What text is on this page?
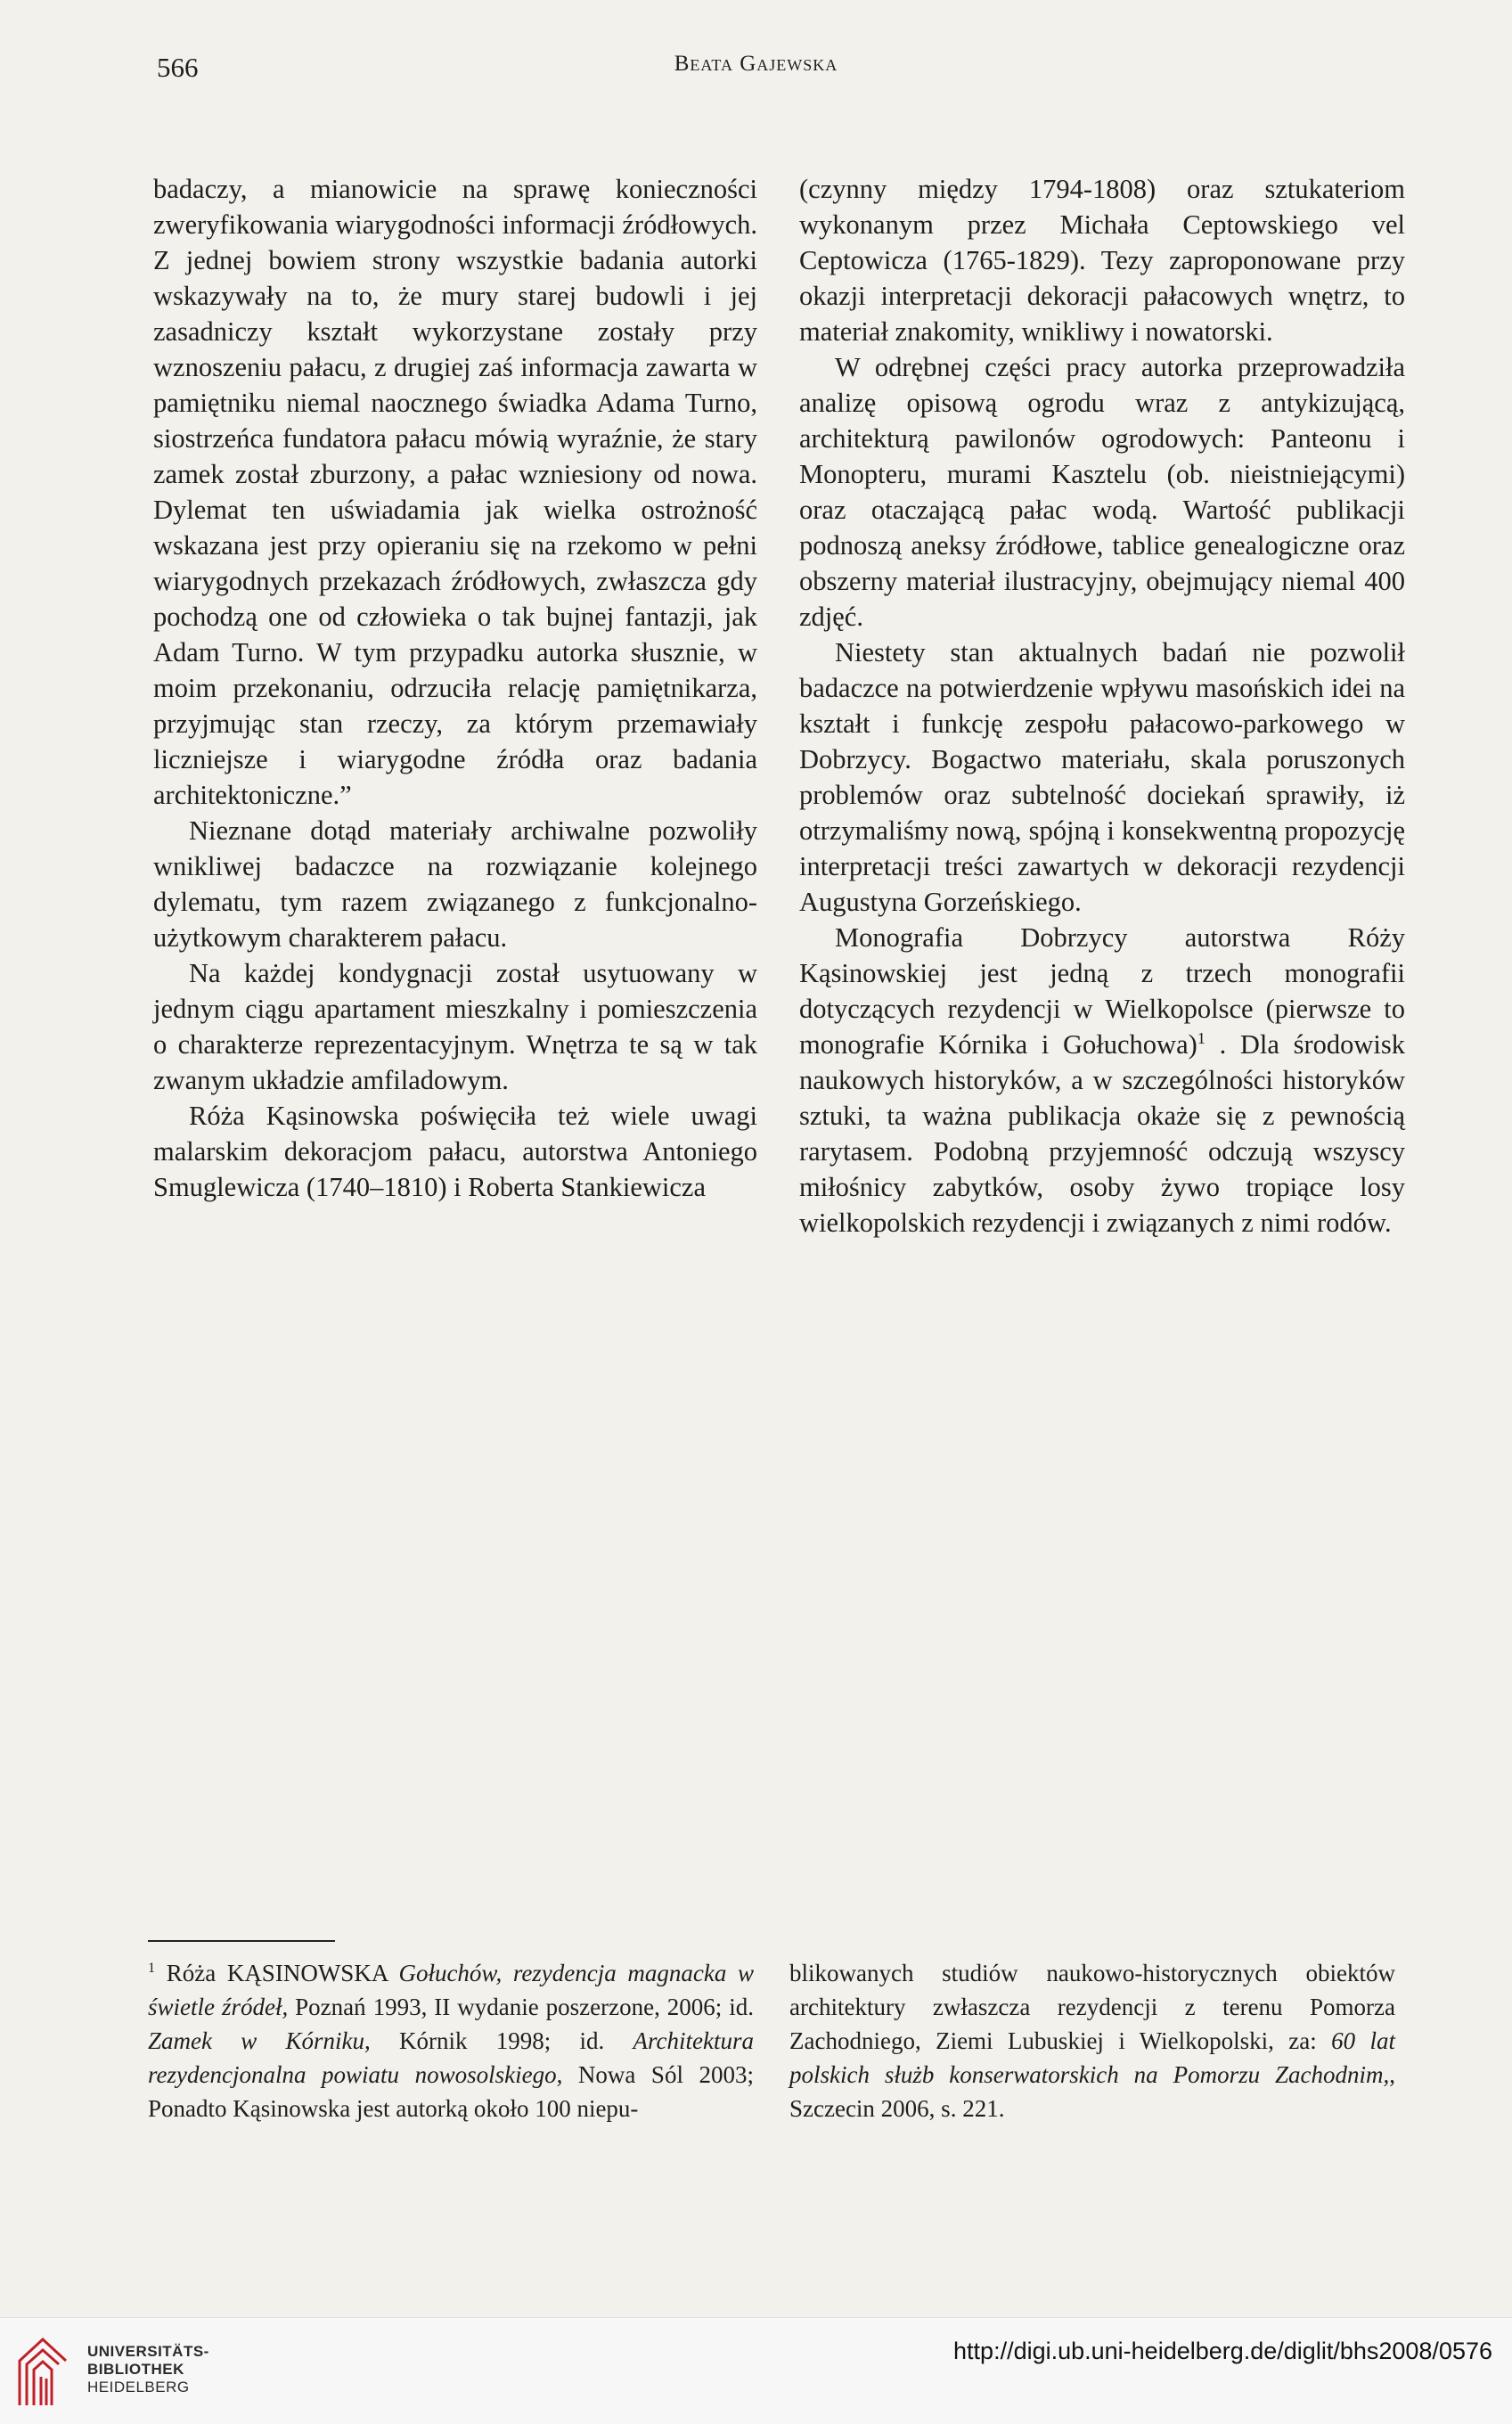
566	Beata Gajewska

badaczy, a mianowicie na sprawę konieczności zweryfikowania wiarygodności informacji źródłowych. Z jednej bowiem strony wszystkie badania autorki wskazywały na to, że mury starej budowli i jej zasadniczy kształt wykorzystane zostały przy wznoszeniu pałacu, z drugiej zaś informacja zawarta w pamiętniku niemal naocznego świadka Adama Turno, siostrzeńca fundatora pałacu mówią wyraźnie, że stary zamek został zburzony, a pałac wzniesiony od nowa. Dylemat ten uświadamia jak wielka ostrożność wskazana jest przy opieraniu się na rzekomo w pełni wiarygodnych przekazach źródłowych, zwłaszcza gdy pochodzą one od człowieka o tak bujnej fantazji, jak Adam Turno. W tym przypadku autorka słusznie, w moim przekonaniu, odrzuciła relację pamiętnikarza, przyjmując stan rzeczy, za którym przemawiały liczniejsze i wiarygodne źródła oraz badania architektoniczne.”

Nieznane dotąd materiały archiwalne pozwoliły wnikliwej badaczce na rozwiązanie kolejnego dylematu, tym razem związanego z funkcjonalno-użytkowym charakterem pałacu.

Na każdej kondygnacji został usytuowany w jednym ciągu apartament mieszkalny i pomieszczenia o charakterze reprezentacyjnym. Wnętrza te są w tak zwanym układzie amfiladowym.

Róża Kąsinowska poświęciła też wiele uwagi malarskim dekoracjom pałacu, autorstwa Antoniego Smuglewicza (1740–1810) i Roberta Stankiewicza

(czynny między 1794-1808) oraz sztukateriom wykonanym przez Michała Ceptowskiego vel Ceptowicza (1765-1829). Tezy zaproponowane przy okazji interpretacji dekoracji pałacowych wnętrz, to materiał znakomity, wnikliwy i nowatorski.

W odrębnej części pracy autorka przeprowadziła analizę opisową ogrodu wraz z antykizującą, architekturą pawilonów ogrodowych: Panteonu i Monopteru, murami Kasztelu (ob. nieistniejącymi) oraz otaczającą pałac wodą. Wartość publikacji podnoszą aneksy źródłowe, tablice genealogiczne oraz obszerny materiał ilustracyjny, obejmujący niemal 400 zdjęć.

Niestety stan aktualnych badań nie pozwolił badaczce na potwierdzenie wpływu masońskich idei na kształt i funkcję zespołu pałacowo-parkowego w Dobrzycy. Bogactwo materiału, skala poruszonych problemów oraz subtelność dociekań sprawiły, iż otrzymaliśmy nową, spójną i konsekwentną propozycję interpretacji treści zawartych w dekoracji rezydencji Augustyna Gorzeńskiego.

Monografia Dobrzycy autorstwa Róży Kąsinowskiej jest jedną z trzech monografii dotyczących rezydencji w Wielkopolsce (pierwsze to monografie Kórnika i Gołuchowa)$^1$ . Dla środowisk naukowych historyków, a w szczególności historyków sztuki, ta ważna publikacja okaże się z pewnością rarytasem. Podobną przyjemność odczują wszyscy miłośnicy zabytków, osoby żywo tropiące losy wielkopolskich rezydencji i związanych z nimi rodów.

$^1$ Róża KĄSINOWSKA Gołuchów, rezydencja magnacka w świetle źródeł, Poznań 1993, II wydanie poszerzone, 2006; id. Zamek w Kórniku, Kórnik 1998; id. Architektura rezydencjonalna powiatu nowosolskiego, Nowa Sól 2003; Ponadto Kąsinowska jest autorką około 100 niepu-

blikowanych studiów naukowo-historycznych obiektów architektury zwłaszcza rezydencji z terenu Pomorza Zachodniego, Ziemi Lubuskiej i Wielkopolski, za: 60 lat polskich służb konserwatorskich na Pomorzu Zachodnim,, Szczecin 2006, s. 221.

UNIVERSITÄTS-
BIBLIOTHEK
HEIDELBERG
http://digi.ub.uni-heidelberg.de/diglit/bhs2008/0576
